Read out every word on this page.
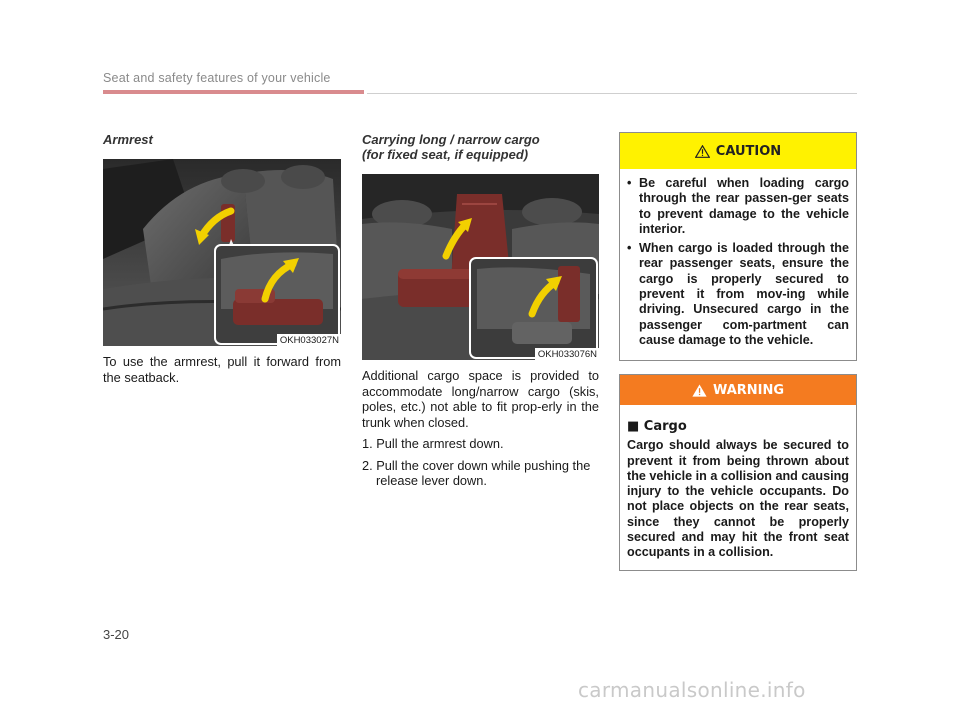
Seat and safety features of your vehicle

Armrest

OKH033027N

To use the armrest, pull it forward from the seatback.

Carrying long / narrow cargo

(for fixed seat, if equipped)

OKH033076N

Additional cargo space is provided to accommodate long/narrow cargo (skis, poles, etc.) not able to fit prop-erly in the trunk when closed.

1. Pull the armrest down.

2. Pull the cover down while pushing the release lever down.

CAUTION

• Be careful when loading cargo through the rear passen-ger seats to prevent damage to the vehicle interior.

• When cargo is loaded through the rear passenger seats, ensure the cargo is properly secured to prevent it from mov-ing while driving. Unsecured cargo in the passenger com-partment can cause damage to the vehicle.

WARNING

■ Cargo

Cargo should always be secured to prevent it from being thrown about the vehicle in a collision and causing injury to the vehicle occupants. Do not place objects on the rear seats, since they cannot be properly secured and may hit the front seat occupants in a collision.

3-20
carmanualsonline.info
